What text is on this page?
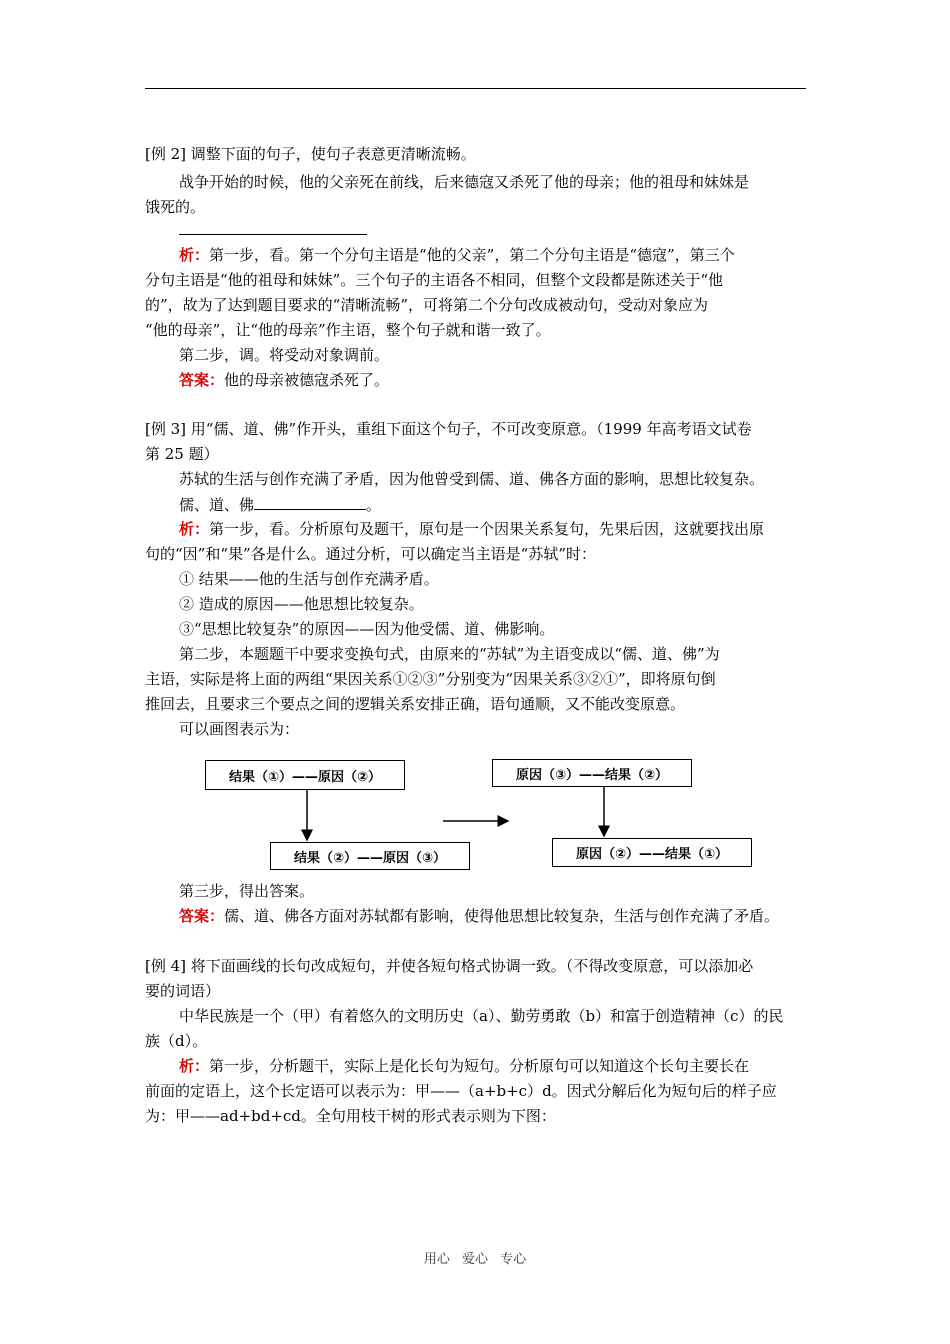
[例 2] 调整下面的句子，使句子表意更清晰流畅。
战争开始的时候，他的父亲死在前线，后来德寇又杀死了他的母亲；他的祖母和妹妹是
饿死的。
析：第一步，看。第一个分句主语是“他的父亲”，第二个分句主语是“德寇”，第三个
分句主语是“他的祖母和妹妹”。三个句子的主语各不相同，但整个文段都是陈述关于“他
的”，故为了达到题目要求的“清晰流畅”，可将第二个分句改成被动句，受动对象应为
“他的母亲”，让“他的母亲”作主语，整个句子就和谐一致了。
第二步，调。将受动对象调前。
答案：他的母亲被德寇杀死了。
[例 3] 用“儒、道、佛”作开头，重组下面这个句子，不可改变原意。（1999 年高考语文试卷
第 25 题）
苏轼的生活与创作充满了矛盾，因为他曾受到儒、道、佛各方面的影响，思想比较复杂。
儒、道、佛	。
析：第一步，看。分析原句及题干，原句是一个因果关系复句，先果后因，这就要找出原
句的“因”和“果”各是什么。通过分析，可以确定当主语是“苏轼”时：
① 结果——他的生活与创作充满矛盾。
② 造成的原因——他思想比较复杂。
③“思想比较复杂”的原因——因为他受儒、道、佛影响。
第二步，本题题干中要求变换句式，由原来的“苏轼”为主语变成以“儒、道、佛”为
主语，实际是将上面的两组“果因关系①②③”分别变为“因果关系③②①”，即将原句倒
推回去，且要求三个要点之间的逻辑关系安排正确，语句通顺，又不能改变原意。
可以画图表示为：
结果（①）——原因（②）
结果（②）——原因（③）
原因（③）——结果（②）
原因（②）——结果（①）
第三步，得出答案。
答案：儒、道、佛各方面对苏轼都有影响，使得他思想比较复杂，生活与创作充满了矛盾。
[例 4] 将下面画线的长句改成短句，并使各短句格式协调一致。（不得改变原意，可以添加必
要的词语）
中华民族是一个（甲）有着悠久的文明历史（a）、勤劳勇敢（b）和富于创造精神（c）的民
族（d）。
析：第一步，分析题干，实际上是化长句为短句。分析原句可以知道这个长句主要长在
前面的定语上，这个长定语可以表示为：甲——（a+b+c）d。因式分解后化为短句后的样子应
为：甲——ad+bd+cd。全句用枝干树的形式表示则为下图：
用心 爱心 专心
